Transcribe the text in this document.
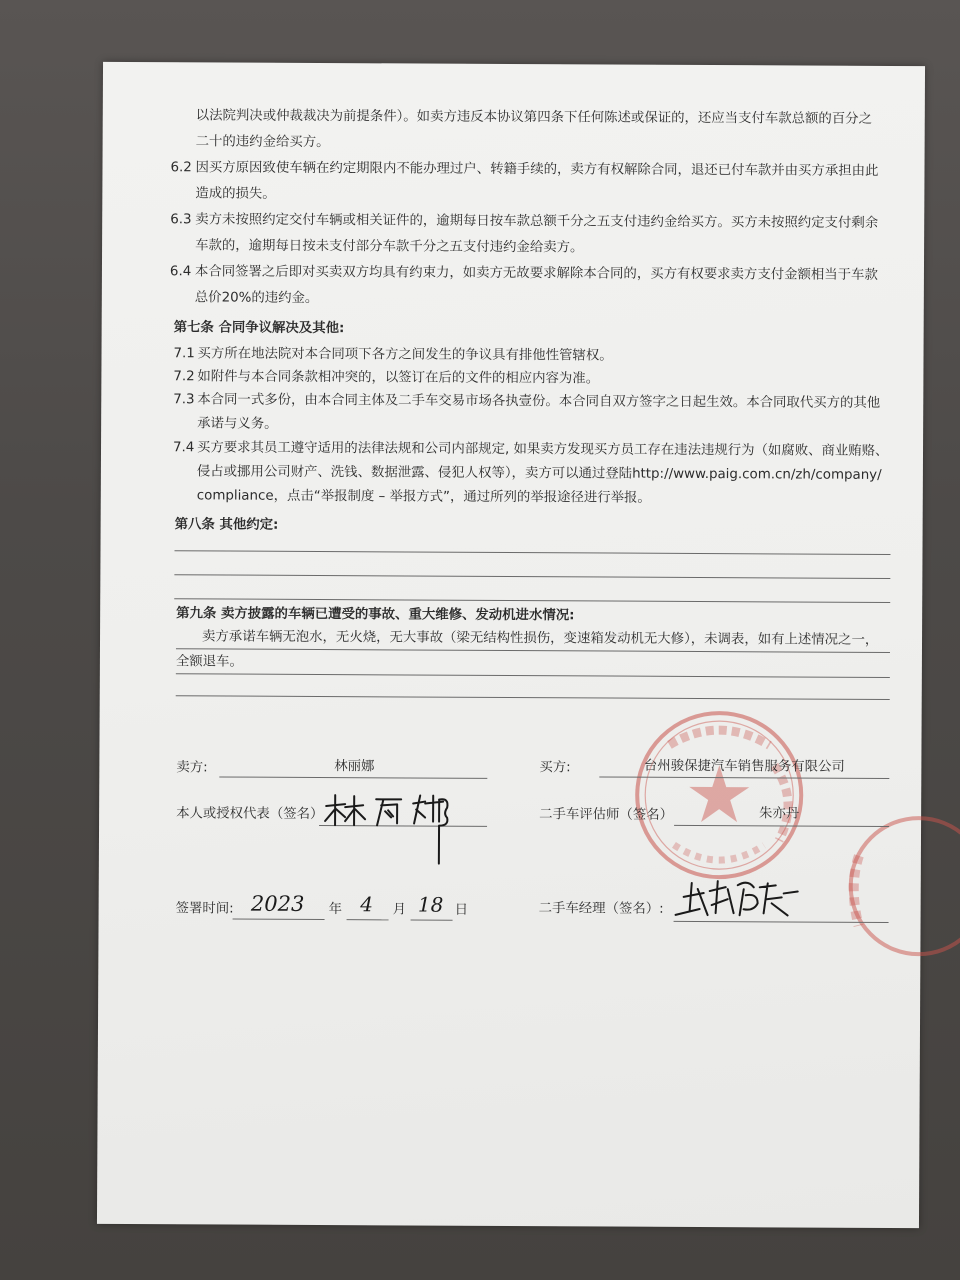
以法院判决或仲裁裁决为前提条件）。如卖方违反本协议第四条下任何陈述或保证的，还应当支付车款总额的百分之
二十的违约金给买方。
6.2 因买方原因致使车辆在约定期限内不能办理过户、转籍手续的，卖方有权解除合同，退还已付车款并由买方承担由此
造成的损失。
6.3 卖方未按照约定交付车辆或相关证件的，逾期每日按车款总额千分之五支付违约金给买方。买方未按照约定支付剩余
车款的，逾期每日按未支付部分车款千分之五支付违约金给卖方。
6.4 本合同签署之后即对买卖双方均具有约束力，如卖方无故要求解除本合同的，买方有权要求卖方支付金额相当于车款
总价20%的违约金。
第七条 合同争议解决及其他:
7.1 买方所在地法院对本合同项下各方之间发生的争议具有排他性管辖权。
7.2 如附件与本合同条款相冲突的，以签订在后的文件的相应内容为准。
7.3 本合同一式多份，由本合同主体及二手车交易市场各执壹份。本合同自双方签字之日起生效。本合同取代买方的其他
承诺与义务。
7.4 买方要求其员工遵守适用的法律法规和公司内部规定, 如果卖方发现买方员工存在违法违规行为（如腐败、商业贿赂、
侵占或挪用公司财产、洗钱、数据泄露、侵犯人权等），卖方可以通过登陆http://www.paig.com.cn/zh/company/
compliance，点击“举报制度 – 举报方式”，通过所列的举报途径进行举报。
第八条 其他约定:
第九条 卖方披露的车辆已遭受的事故、重大维修、发动机进水情况:
卖方承诺车辆无泡水，无火烧，无大事故（梁无结构性损伤，变速箱发动机无大修），未调表，如有上述情况之一，
全额退车。
卖方:	林丽娜	买方:	台州骏保捷汽车销售服务有限公司
本人或授权代表（签名）	二手车评估师（签名）	朱亦丹
签署时间: 2023	年 4	月 18 日	二手车经理（签名）:
